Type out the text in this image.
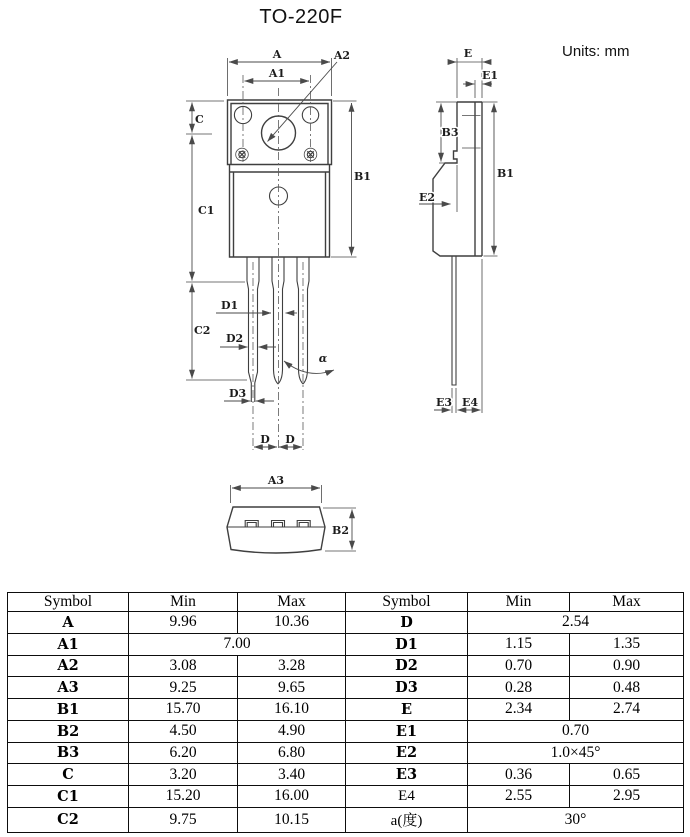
TO-220F
Units: mm
A
A1
A2
C
C1
C2
B1
D1
D2
D3
D D
α
E
E1
B3
B1
E2
E3 E4
A3
B2
Symbol	Min	Max	Symbol	Min	Max
A	9.96	10.36	D	2.54	
A1	7.00		D1	1.15	1.35
A2	3.08	3.28	D2	0.70	0.90
A3	9.25	9.65	D3	0.28	0.48
B1	15.70	16.10	E	2.34	2.74
B2	4.50	4.90	E1	0.70	
B3	6.20	6.80	E2	1.0×45°	
C	3.20	3.40	E3	0.36	0.65
C1	15.20	16.00	E4	2.55	2.95
C2	9.75	10.15	a(度)	30°	
